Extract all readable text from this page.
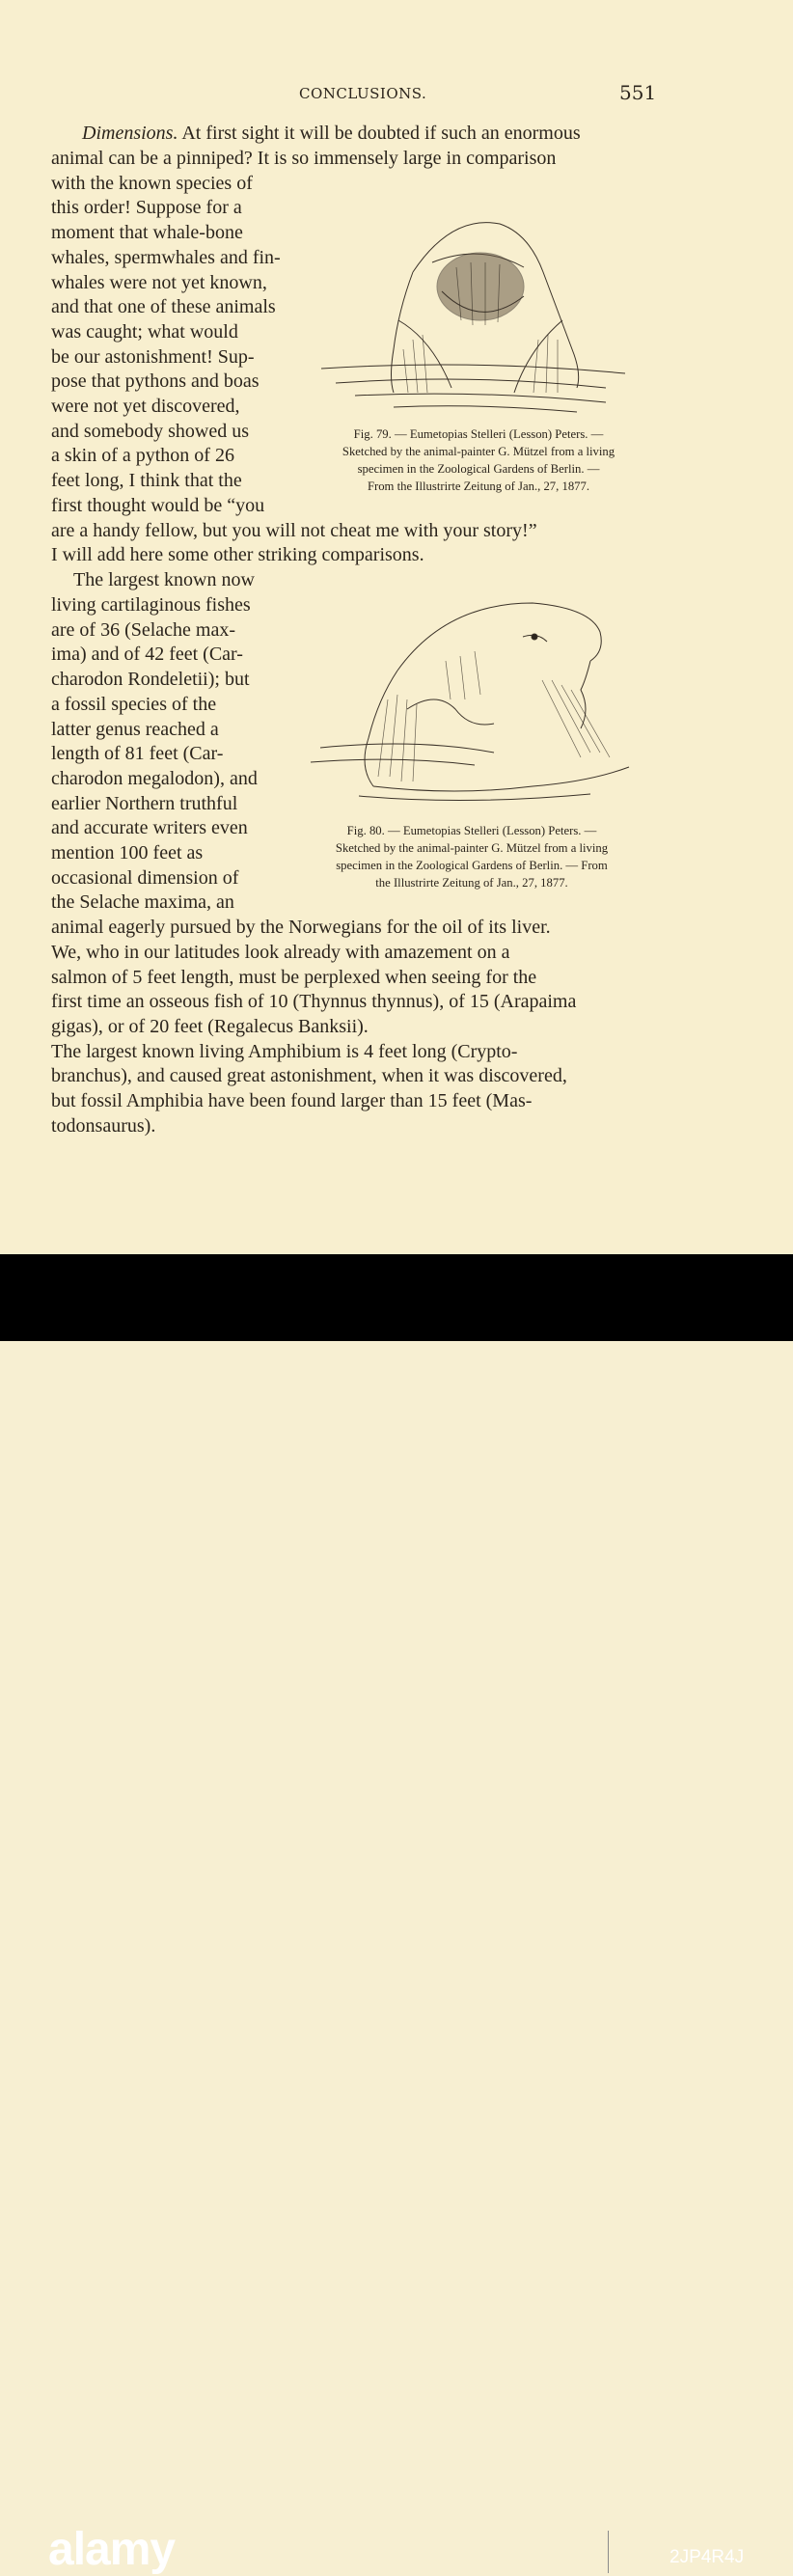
CONCLUSIONS.	551

Dimensions. At first sight it will be doubted if such an enormous

animal can be a pinniped? It is so immensely large in comparison

with the known species of

this order! Suppose for a

moment that whale-bone

whales, spermwhales and fin-

whales were not yet known,

and that one of these animals

was caught; what would

be our astonishment! Sup-

pose that pythons and boas

were not yet discovered,

and somebody showed us

a skin of a python of 26

feet long, I think that the

first thought would be “you

are a handy fellow, but you will not cheat me with your story!”

I will add here some other striking comparisons.

Fig. 79. — Eumetopias Stelleri (Lesson) Peters. —
Sketched by the animal-painter G. Mützel from a living
specimen in the Zoological Gardens of Berlin. —
From the Illustrirte Zeitung of Jan., 27, 1877.

The largest known now

living cartilaginous fishes

are of 36 (Selache max-

ima) and of 42 feet (Car-

charodon Rondeletii); but

a fossil species of the

latter genus reached a

length of 81 feet (Car-

charodon megalodon), and

earlier Northern truthful

and accurate writers even

mention 100 feet as

occasional dimension of

the Selache maxima, an

animal eagerly pursued by the Norwegians for the oil of its liver.

We, who in our latitudes look already with amazement on a

salmon of 5 feet length, must be perplexed when seeing for the

first time an osseous fish of 10 (Thynnus thynnus), of 15 (Arapaima

gigas), or of 20 feet (Regalecus Banksii).

The largest known living Amphibium is 4 feet long (Crypto-

branchus), and caused great astonishment, when it was discovered,

but fossil Amphibia have been found larger than 15 feet (Mas-

todonsaurus).

Fig. 80. — Eumetopias Stelleri (Lesson) Peters. —
Sketched by the animal-painter G. Mützel from a living
specimen in the Zoological Gardens of Berlin. — From
the Illustrirte Zeitung of Jan., 27, 1877.
alamy	2JP4R4J
